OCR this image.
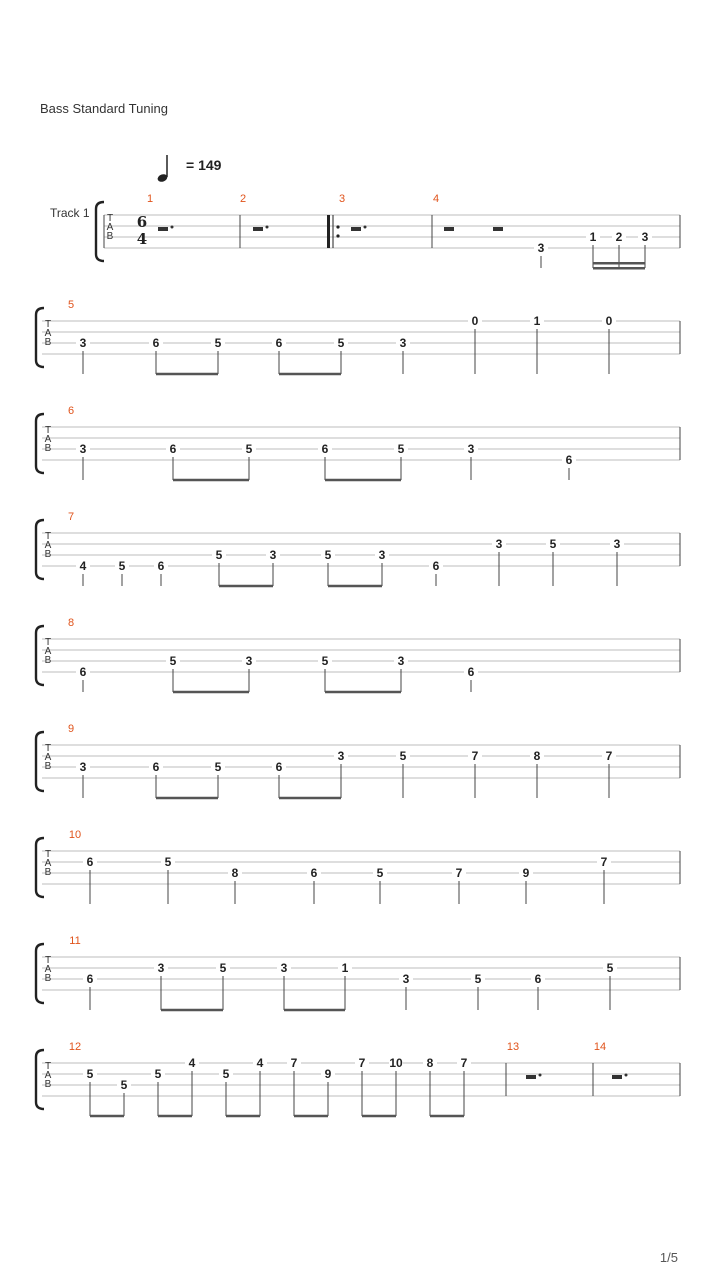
Bass Standard Tuning
= 149
Track 1 T
A
B
1	2	3	4
3
1 2 3
6
4
T
A
B
5
3	6	5	6	5	3
0	1	0
T
A
B
6
3	6	5	6	5	3
6
T
A
B
7
4	5	6
5	3	5	3
6
3	5	3
T
A
B
8
6
5	3	5	3
6
T
A
B
9
3	6	5	6
3	5	7	8	7
T
A
B
10
6	5
8	6	5	7	9
7
T
A
B
11
6
3	5	3	1
3	5	6
5
T
A
B
12
5
5
5
4
5
4 7
9
7 10 8 7
13	14
1/5
